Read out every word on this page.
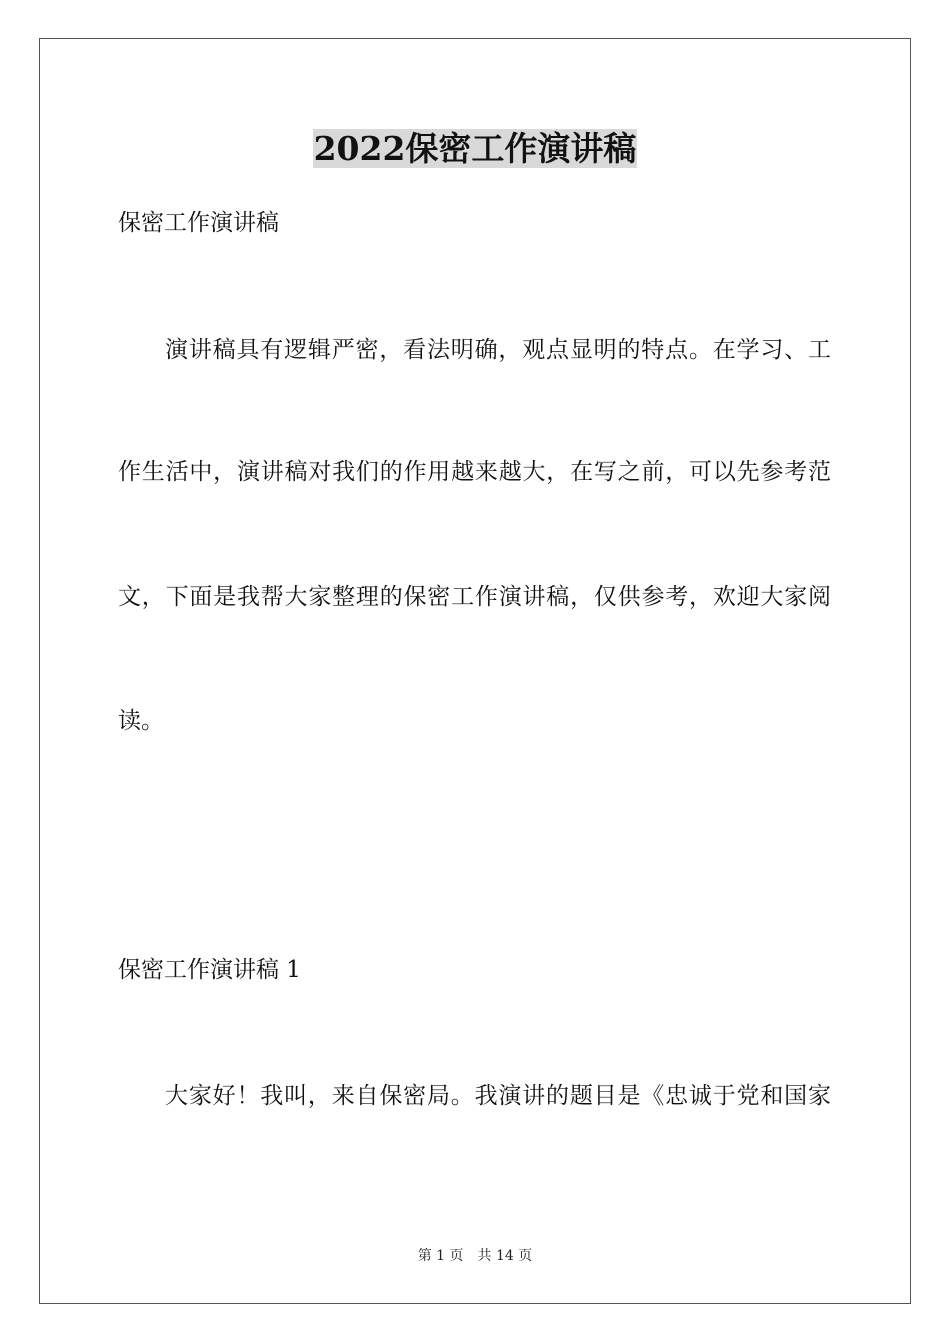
2022保密工作演讲稿
保密工作演讲稿
演讲稿具有逻辑严密，看法明确，观点显明的特点。在学习、工
作生活中，演讲稿对我们的作用越来越大，在写之前，可以先参考范
文，下面是我帮大家整理的保密工作演讲稿，仅供参考，欢迎大家阅
读。
保密工作演讲稿 1
大家好！我叫，来自保密局。我演讲的题目是《忠诚于党和国家
第 1 页 共 14 页
